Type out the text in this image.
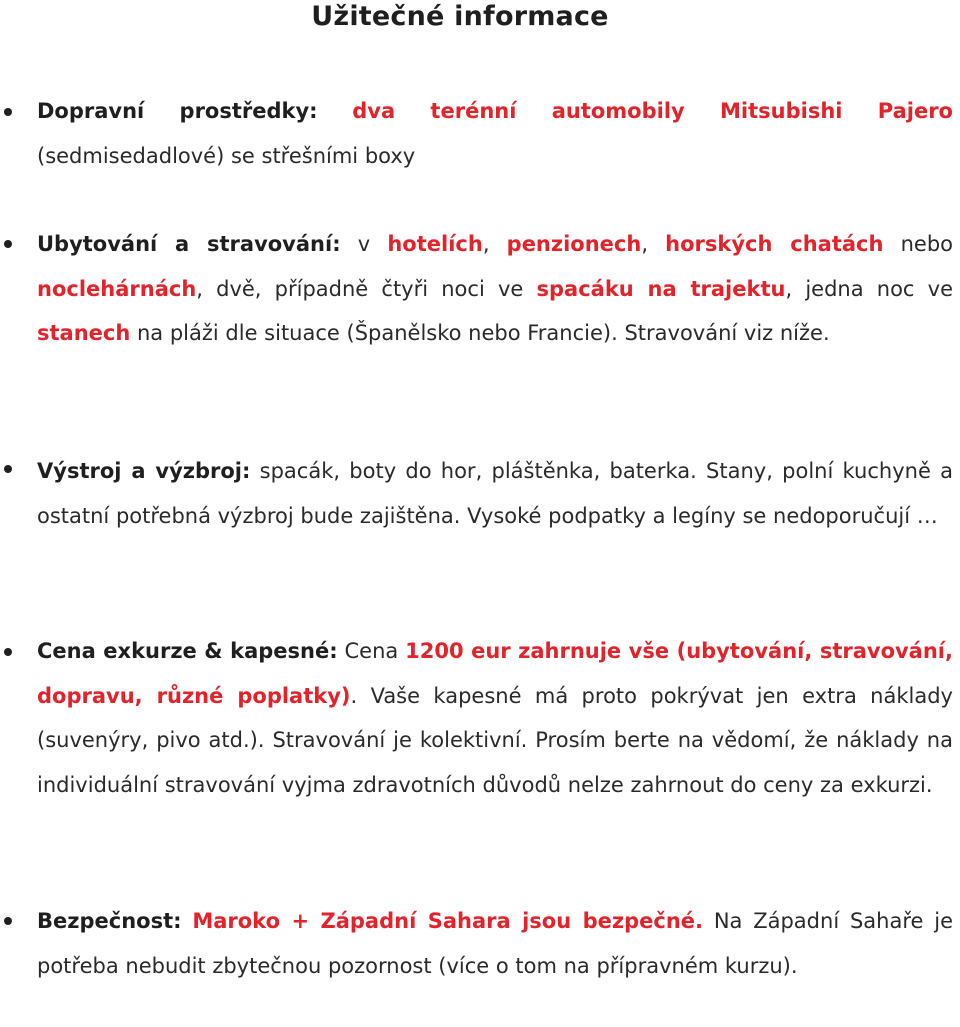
Užitečné informace
Dopravní prostředky: dva terénní automobily Mitsubishi Pajero (sedmisedadlové) se střešními boxy
Ubytování a stravování: v hotelích, penzionech, horských chatách nebo noclehárnách, dvě, případně čtyři noci ve spacáku na trajektu, jedna noc ve stanech na pláži dle situace (Španělsko nebo Francie). Stravování viz níže.
Výstroj a výzbroj: spacák, boty do hor, pláštěnka, baterka. Stany, polní kuchyně a ostatní potřebná výzbroj bude zajištěna. Vysoké podpatky a legíny se nedoporučují …
Cena exkurze & kapesné: Cena 1200 eur zahrnuje vše (ubytování, stravování, dopravu, různé poplatky). Vaše kapesné má proto pokrývat jen extra náklady (suvenýry, pivo atd.). Stravování je kolektivní. Prosím berte na vědomí, že náklady na individuální stravování vyjma zdravotních důvodů nelze zahrnout do ceny za exkurzi.
Bezpečnost: Maroko + Západní Sahara jsou bezpečné. Na Západní Sahaře je potřeba nebudit zbytečnou pozornost (více o tom na přípravném kurzu).
